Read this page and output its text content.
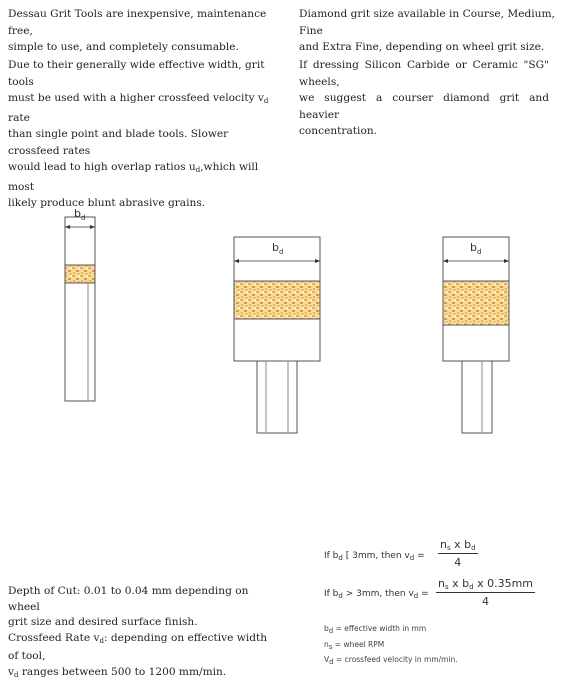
Dessau Grit Tools are inexpensive, maintenance free,

simple to use, and completely consumable.

Diamond grit size available in Course, Medium, Fine

and Extra Fine, depending on wheel grit size.

Due to their generally wide effective width, grit tools

must be used with a higher crossfeed velocity $v_d$ rate

than single point and blade tools. Slower crossfeed rates

would lead to high overlap ratios $u_d,which$ will most

likely produce blunt abrasive grains.

If dressing Silicon Carbide or Ceramic "SG" wheels,

we suggest a courser diamond grit and heavier

concentration.

$b_d$
$b_d$	$b_d$

Depth of Cut: 0.01 to 0.04 mm depending on wheel

grit size and desired surface finish.

Crossfeed Rate $v_d$: depending on effective width of tool,

$v_d$ ranges between 500 to 1200 mm/min.

If $b_d$ [ 3mm, then $v_d = \frac{n_s x b_d}{4}$
If $b_d > 3mm$, then $v_d = \frac{n_s x b_d x 0.35mm}{4}$
$b_d$ = effective width in mm
$n_s$ = wheel RPM
$V_d$ = crossfeed velocity in mm/min.
